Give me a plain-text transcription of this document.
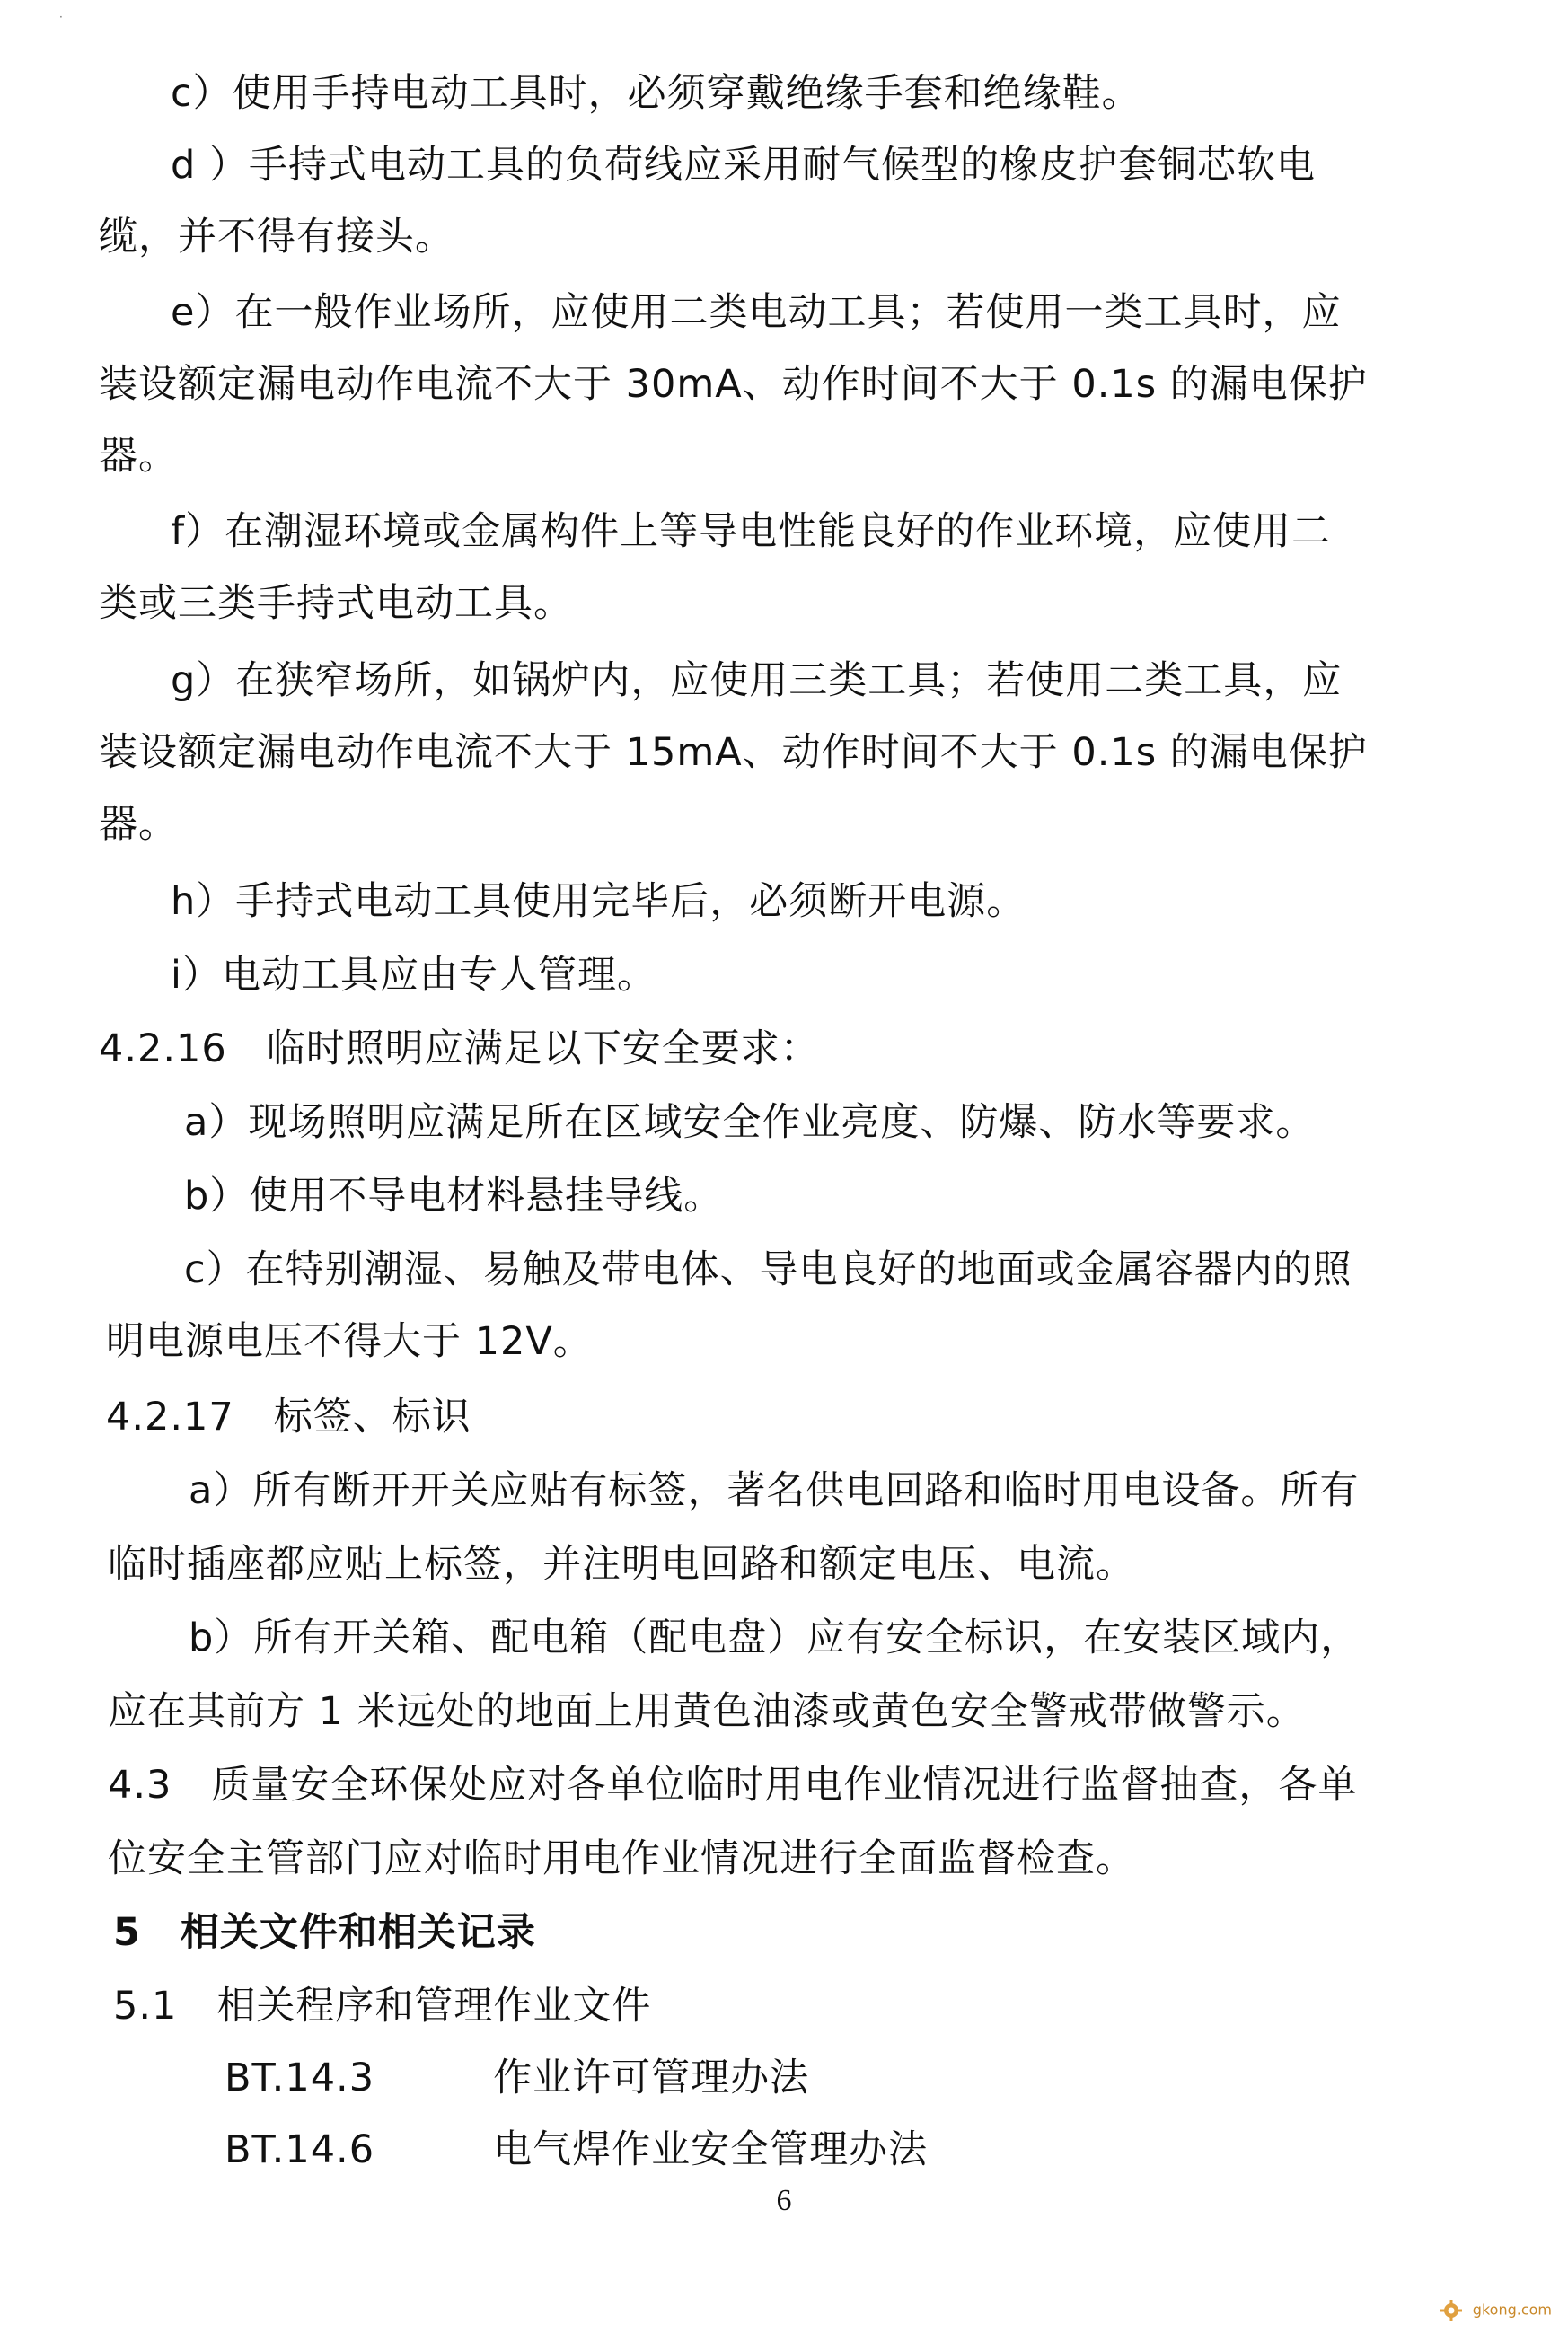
·
c）使用手持电动工具时，必须穿戴绝缘手套和绝缘鞋。
d ）手持式电动工具的负荷线应采用耐气候型的橡皮护套铜芯软电
缆，并不得有接头。
e）在一般作业场所，应使用二类电动工具；若使用一类工具时，应
装设额定漏电动作电流不大于 30mA、动作时间不大于 0.1s 的漏电保护
器。
f）在潮湿环境或金属构件上等导电性能良好的作业环境，应使用二
类或三类手持式电动工具。
g）在狭窄场所，如锅炉内，应使用三类工具；若使用二类工具，应
装设额定漏电动作电流不大于 15mA、动作时间不大于 0.1s 的漏电保护
器。
h）手持式电动工具使用完毕后，必须断开电源。
i）电动工具应由专人管理。
4.2.16　临时照明应满足以下安全要求：
a）现场照明应满足所在区域安全作业亮度、防爆、防水等要求。
b）使用不导电材料悬挂导线。
c）在特别潮湿、易触及带电体、导电良好的地面或金属容器内的照
明电源电压不得大于 12V。
4.2.17　标签、标识
a）所有断开开关应贴有标签，著名供电回路和临时用电设备。所有
临时插座都应贴上标签，并注明电回路和额定电压、电流。
b）所有开关箱、配电箱（配电盘）应有安全标识，在安装区域内，
应在其前方 1 米远处的地面上用黄色油漆或黄色安全警戒带做警示。
4.3　质量安全环保处应对各单位临时用电作业情况进行监督抽查，各单
位安全主管部门应对临时用电作业情况进行全面监督检查。
5　相关文件和相关记录
5.1　相关程序和管理作业文件
BT.14.3　　　作业许可管理办法
BT.14.6　　　电气焊作业安全管理办法
6
gkong.com
